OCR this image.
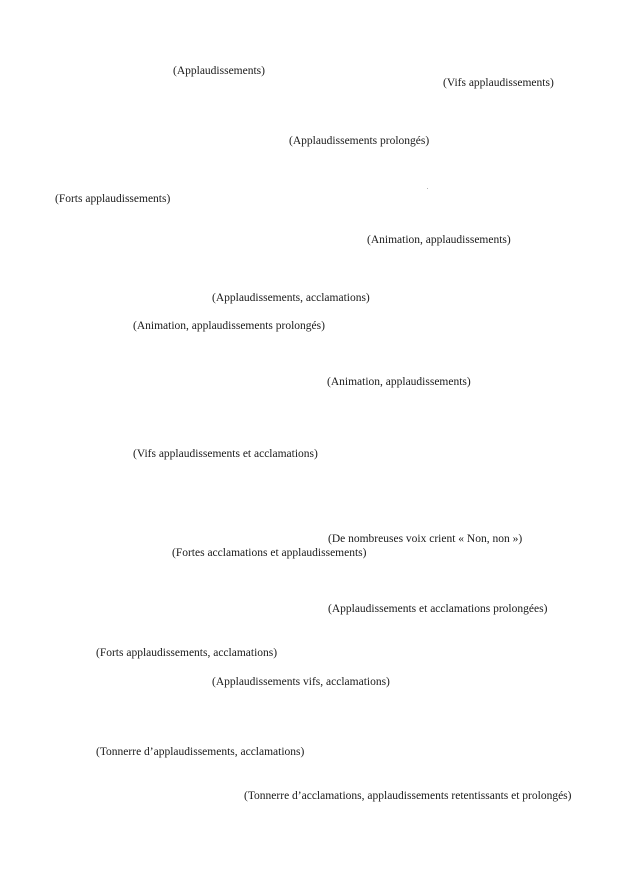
(Applaudissements)
(Vifs applaudissements)
(Applaudissements prolongés)
(Forts applaudissements)
(Animation, applaudissements)
(Applaudissements, acclamations)
(Animation, applaudissements prolongés)
(Animation, applaudissements)
(Vifs applaudissements et acclamations)
(De nombreuses voix crient « Non, non »)
(Fortes acclamations et applaudissements)
(Applaudissements et acclamations prolongées)
(Forts applaudissements, acclamations)
(Applaudissements vifs, acclamations)
(Tonnerre d’applaudissements, acclamations)
(Tonnerre d’acclamations, applaudissements retentissants et prolongés)
